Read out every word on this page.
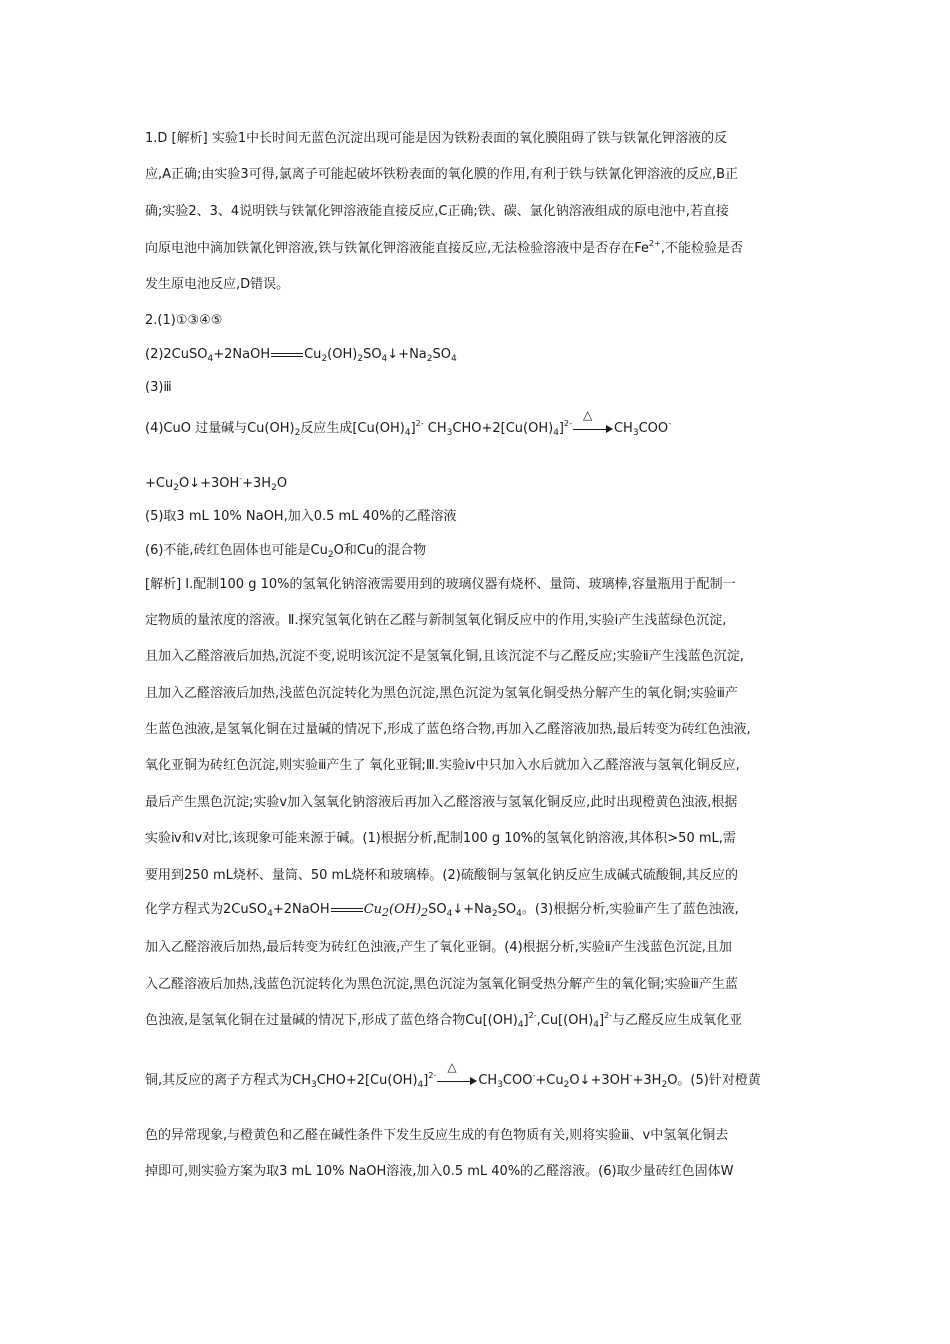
1.D [解析] 实验1中长时间无蓝色沉淀出现可能是因为铁粉表面的氧化膜阻碍了铁与铁氰化钾溶液的反
应,A正确;由实验3可得,氯离子可能起破坏铁粉表面的氧化膜的作用,有利于铁与铁氰化钾溶液的反应,B正
确;实验2、3、4说明铁与铁氰化钾溶液能直接反应,C正确;铁、碳、氯化钠溶液组成的原电池中,若直接
向原电池中滴加铁氰化钾溶液,铁与铁氰化钾溶液能直接反应,无法检验溶液中是否存在$Fe^{2+}$,不能检验是否
发生原电池反应,D错误。
2.(1)①③④⑤
(2)2CuSO$_4$+2NaOH	$Cu_2(OH)_2SO_4↓+Na_2SO_4$
(3)ⅲ
(4)CuO 过量碱与$Cu(OH)_2$反应生成$[Cu(OH)_4]^{2-}$ $CH_3CHO+2[Cu(OH)_4]^{2-}$
△
$CH_3COO^-$
$+Cu_2O↓+3OH^-+3H_2O$
(5)取3 mL 10% NaOH,加入0.5 mL 40%的乙醛溶液
(6)不能,砖红色固体也可能是$Cu_2O$和Cu的混合物
[解析] Ⅰ.配制100 g 10%的氢氧化钠溶液需要用到的玻璃仪器有烧杯、量筒、玻璃棒,容量瓶用于配制一
定物质的量浓度的溶液。Ⅱ.探究氢氧化钠在乙醛与新制氢氧化铜反应中的作用,实验ⅰ产生浅蓝绿色沉淀,
且加入乙醛溶液后加热,沉淀不变,说明该沉淀不是氢氧化铜,且该沉淀不与乙醛反应;实验ⅱ产生浅蓝色沉淀,
且加入乙醛溶液后加热,浅蓝色沉淀转化为黑色沉淀,黑色沉淀为氢氧化铜受热分解产生的氧化铜;实验ⅲ产
生蓝色浊液,是氢氧化铜在过量碱的情况下,形成了蓝色络合物,再加入乙醛溶液加热,最后转变为砖红色浊液,
氧化亚铜为砖红色沉淀,则实验ⅲ产生了 氧化亚铜;Ⅲ.实验ⅳ中只加入水后就加入乙醛溶液与氢氧化铜反应,
最后产生黑色沉淀;实验ⅴ加入氢氧化钠溶液后再加入乙醛溶液与氢氧化铜反应,此时出现橙黄色浊液,根据
实验ⅳ和ⅴ对比,该现象可能来源于碱。(1)根据分析,配制100 g 10%的氢氧化钠溶液,其体积>50 mL,需
要用到250 mL烧杯、量筒、50 mL烧杯和玻璃棒。(2)硫酸铜与氢氧化钠反应生成碱式硫酸铜,其反应的
化学方程式为2CuSO$_4$+2NaOH	$Cu_2(OH)_2SO_4↓+Na_2SO_4$。(3)根据分析,实验ⅲ产生了蓝色浊液,
加入乙醛溶液后加热,最后转变为砖红色浊液,产生了氧化亚铜。(4)根据分析,实验ⅱ产生浅蓝色沉淀,且加
入乙醛溶液后加热,浅蓝色沉淀转化为黑色沉淀,黑色沉淀为氢氧化铜受热分解产生的氧化铜;实验ⅲ产生蓝
色浊液,是氢氧化铜在过量碱的情况下,形成了蓝色络合物$Cu[(OH)_4]^{2-},Cu[(OH)_4]^{2-}$与乙醛反应生成氧化亚
铜,其反应的离子方程式为$CH_3CHO+2[Cu(OH)_4]^{2-}$
△
$CH_3COO^-+Cu_2O↓+3OH^-+3H_2O$。(5)针对橙黄
色的异常现象,与橙黄色和乙醛在碱性条件下发生反应生成的有色物质有关,则将实验ⅲ、ⅴ中氢氧化铜去
掉即可,则实验方案为取3 mL 10% NaOH溶液,加入0.5 mL 40%的乙醛溶液。(6)取少量砖红色固体W
